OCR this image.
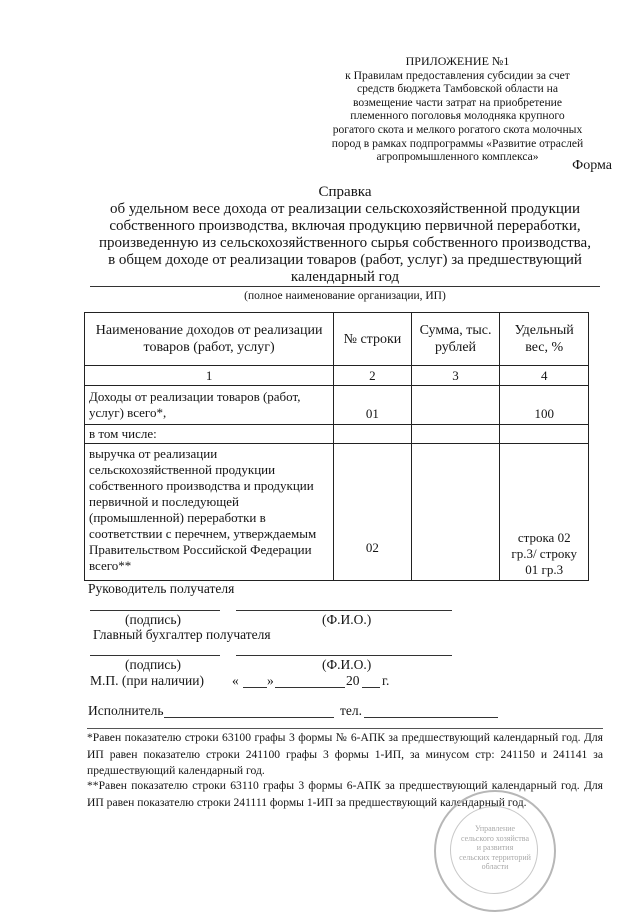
ПРИЛОЖЕНИЕ №1
к Правилам предоставления субсидии за счет
средств бюджета Тамбовской области на
возмещение части затрат на приобретение
племенного поголовья молодняка крупного
рогатого скота и мелкого рогатого скота молочных
пород в рамках подпрограммы «Развитие отраслей
агропромышленного комплекса»
Форма
Справка
об удельном весе дохода от реализации сельскохозяйственной продукции
собственного производства, включая продукцию первичной переработки,
произведенную из сельскохозяйственного сырья собственного производства,
в общем доходе от реализации товаров (работ, услуг) за предшествующий
календарный год
(полное наименование организации, ИП)
Наименование доходов от реализации товаров (работ, услуг)	№ строки	Сумма, тыс. рублей	Удельный вес, %
1	2	3	4
Доходы от реализации товаров (работ, услуг) всего*,	01		100
в том числе:			
выручка от реализации сельскохозяйственной продукции собственного производства и продукции первичной и последующей (промышленной) переработки в соответствии с перечнем, утверждаемым Правительством Российской Федерации всего**	02		строка 02 гр.3/ строку 01 гр.3
Руководитель получателя
(подпись)	(Ф.И.О.)
Главный бухгалтер получателя
(подпись)	(Ф.И.О.)
М.П. (при наличии) « »	20 г.
Исполнитель	тел.
*Равен показателю строки 63100 графы 3 формы № 6-АПК за предшествующий календарный год. Для ИП равен показателю строки 241100 графы 3 формы 1-ИП, за минусом стр: 241150 и 241141 за предшествующий календарный год.
**Равен показателю строки 63110 графы 3 формы 6-АПК за предшествующий календарный год. Для ИП равен показателю строки 241111 формы 1-ИП за предшествующий календарный год.
Управление
сельского хозяйства
и развития
сельских территорий
области
